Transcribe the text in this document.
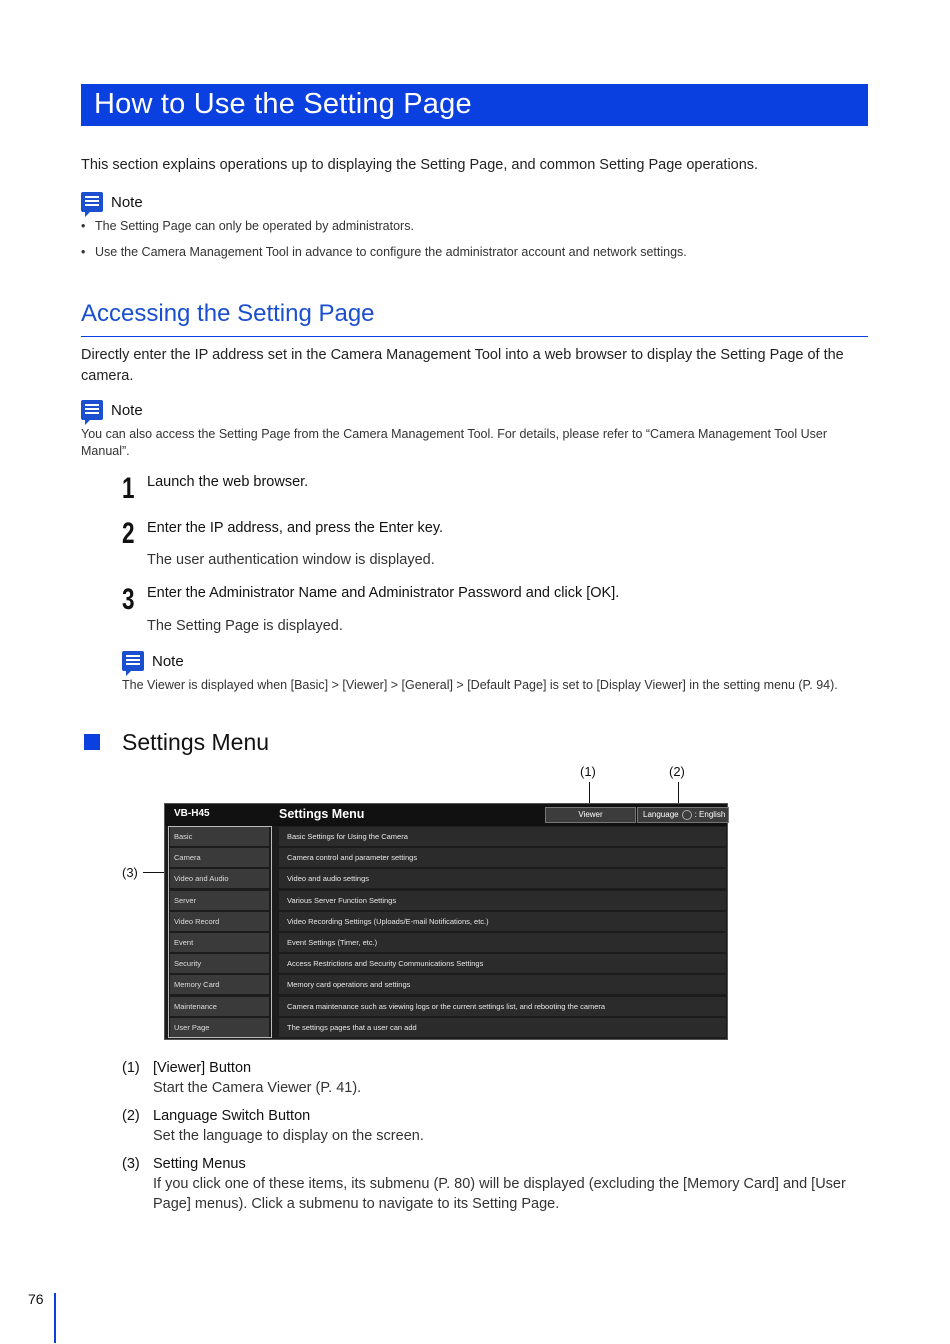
How to Use the Setting Page
This section explains operations up to displaying the Setting Page, and common Setting Page operations.
Note
• The Setting Page can only be operated by administrators.
• Use the Camera Management Tool in advance to configure the administrator account and network settings.
Accessing the Setting Page
Directly enter the IP address set in the Camera Management Tool into a web browser to display the Setting Page of the camera.
Note
You can also access the Setting Page from the Camera Management Tool. For details, please refer to “Camera Management Tool User Manual”.
1 Launch the web browser.
2 Enter the IP address, and press the Enter key.
The user authentication window is displayed.
3 Enter the Administrator Name and Administrator Password and click [OK].
The Setting Page is displayed.
Note
The Viewer is displayed when [Basic] > [Viewer] > [General] > [Default Page] is set to [Display Viewer] in the setting menu (P. 94).
Settings Menu
(1)	(2)
(3)
VB-H45	Settings Menu	Viewer	Language : English
Basic	Basic Settings for Using the Camera
Camera	Camera control and parameter settings
Video and Audio	Video and audio settings
Server	Various Server Function Settings
Video Record	Video Recording Settings (Uploads/E-mail Notifications, etc.)
Event	Event Settings (Timer, etc.)
Security	Access Restrictions and Security Communications Settings
Memory Card	Memory card operations and settings
Maintenance	Camera maintenance such as viewing logs or the current settings list, and rebooting the camera
User Page	The settings pages that a user can add
(1) [Viewer] Button
Start the Camera Viewer (P. 41).
(2) Language Switch Button
Set the language to display on the screen.
(3) Setting Menus
If you click one of these items, its submenu (P. 80) will be displayed (excluding the [Memory Card] and [User Page] menus). Click a submenu to navigate to its Setting Page.
76
